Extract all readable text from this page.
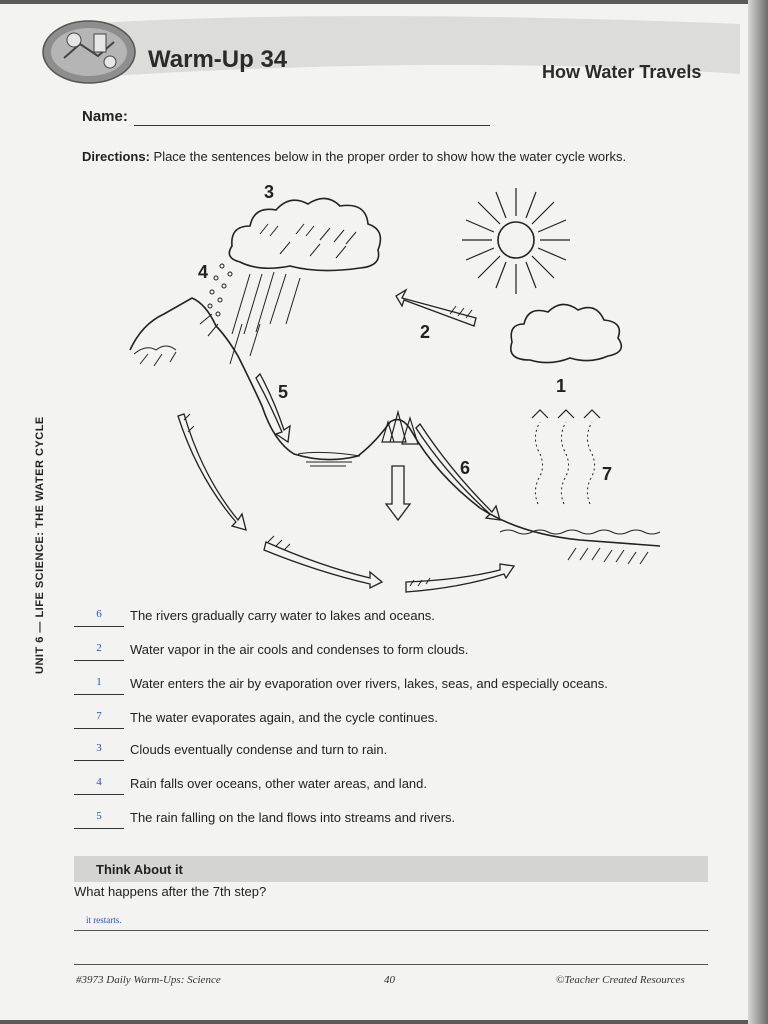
Warm-Up 34	How Water Travels
Name:
Directions: Place the sentences below in the proper order to show how the water cycle works.
UNIT 6 — LIFE SCIENCE: THE WATER CYCLE
3
4
2
1
5
6	7
6	The rivers gradually carry water to lakes and oceans.
2	Water vapor in the air cools and condenses to form clouds.
1	Water enters the air by evaporation over rivers, lakes, seas, and especially oceans.
7	The water evaporates again, and the cycle continues.
3	Clouds eventually condense and turn to rain.
4	Rain falls over oceans, other water areas, and land.
5	The rain falling on the land flows into streams and rivers.
Think About it
What happens after the 7th step?
it restarts.
#3973 Daily Warm-Ups: Science	40	©Teacher Created Resources
